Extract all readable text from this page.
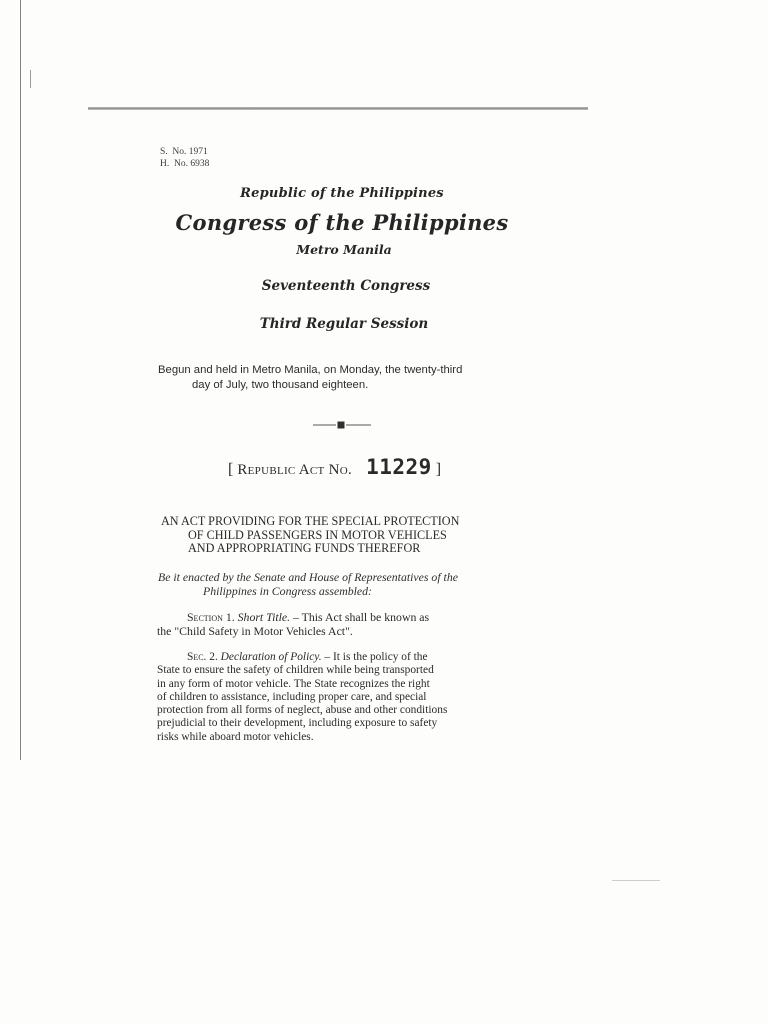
S.  No. 1971
H.  No. 6938
Republic of the Philippines
Congress of the Philippines
Metro Manila
Seventeenth Congress
Third Regular Session
Begun and held in Metro Manila, on Monday, the twenty-third
day of July, two thousand eighteen.
[ Republic Act No. 11229 ]
AN ACT PROVIDING FOR THE SPECIAL PROTECTION
OF CHILD PASSENGERS IN MOTOR VEHICLES
AND APPROPRIATING FUNDS THEREFOR
Be it enacted by the Senate and House of Representatives of the
Philippines in Congress assembled:
Section 1. Short Title. – This Act shall be known as
the "Child Safety in Motor Vehicles Act".
Sec. 2. Declaration of Policy. – It is the policy of the
State to ensure the safety of children while being transported
in any form of motor vehicle. The State recognizes the right
of children to assistance, including proper care, and special
protection from all forms of neglect, abuse and other conditions
prejudicial to their development, including exposure to safety
risks while aboard motor vehicles.
